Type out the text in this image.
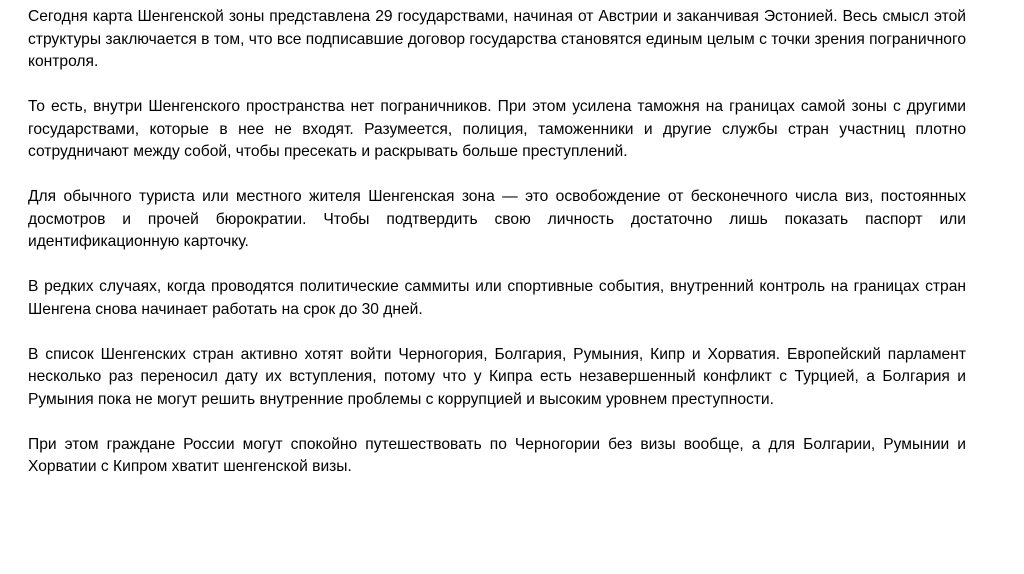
Сегодня карта Шенгенской зоны представлена 29 государствами, начиная от Австрии и заканчивая Эстонией. Весь смысл этой структуры заключается в том, что все подписавшие договор государства становятся единым целым с точки зрения пограничного контроля.

То есть, внутри Шенгенского пространства нет пограничников. При этом усилена таможня на границах самой зоны с другими государствами, которые в нее не входят. Разумеется, полиция, таможенники и другие службы стран участниц плотно сотрудничают между собой, чтобы пресекать и раскрывать больше преступлений.

Для обычного туриста или местного жителя Шенгенская зона — это освобождение от бесконечного числа виз, постоянных досмотров и прочей бюрократии. Чтобы подтвердить свою личность достаточно лишь показать паспорт или идентификационную карточку.

В редких случаях, когда проводятся политические саммиты или спортивные события, внутренний контроль на границах стран Шенгена снова начинает работать на срок до 30 дней.

В список Шенгенских стран активно хотят войти Черногория, Болгария, Румыния, Кипр и Хорватия. Европейский парламент несколько раз переносил дату их вступления, потому что у Кипра есть незавершенный конфликт с Турцией, а Болгария и Румыния пока не могут решить внутренние проблемы с коррупцией и высоким уровнем преступности.

При этом граждане России могут спокойно путешествовать по Черногории без визы вообще, а для Болгарии, Румынии и Хорватии с Кипром хватит шенгенской визы.
